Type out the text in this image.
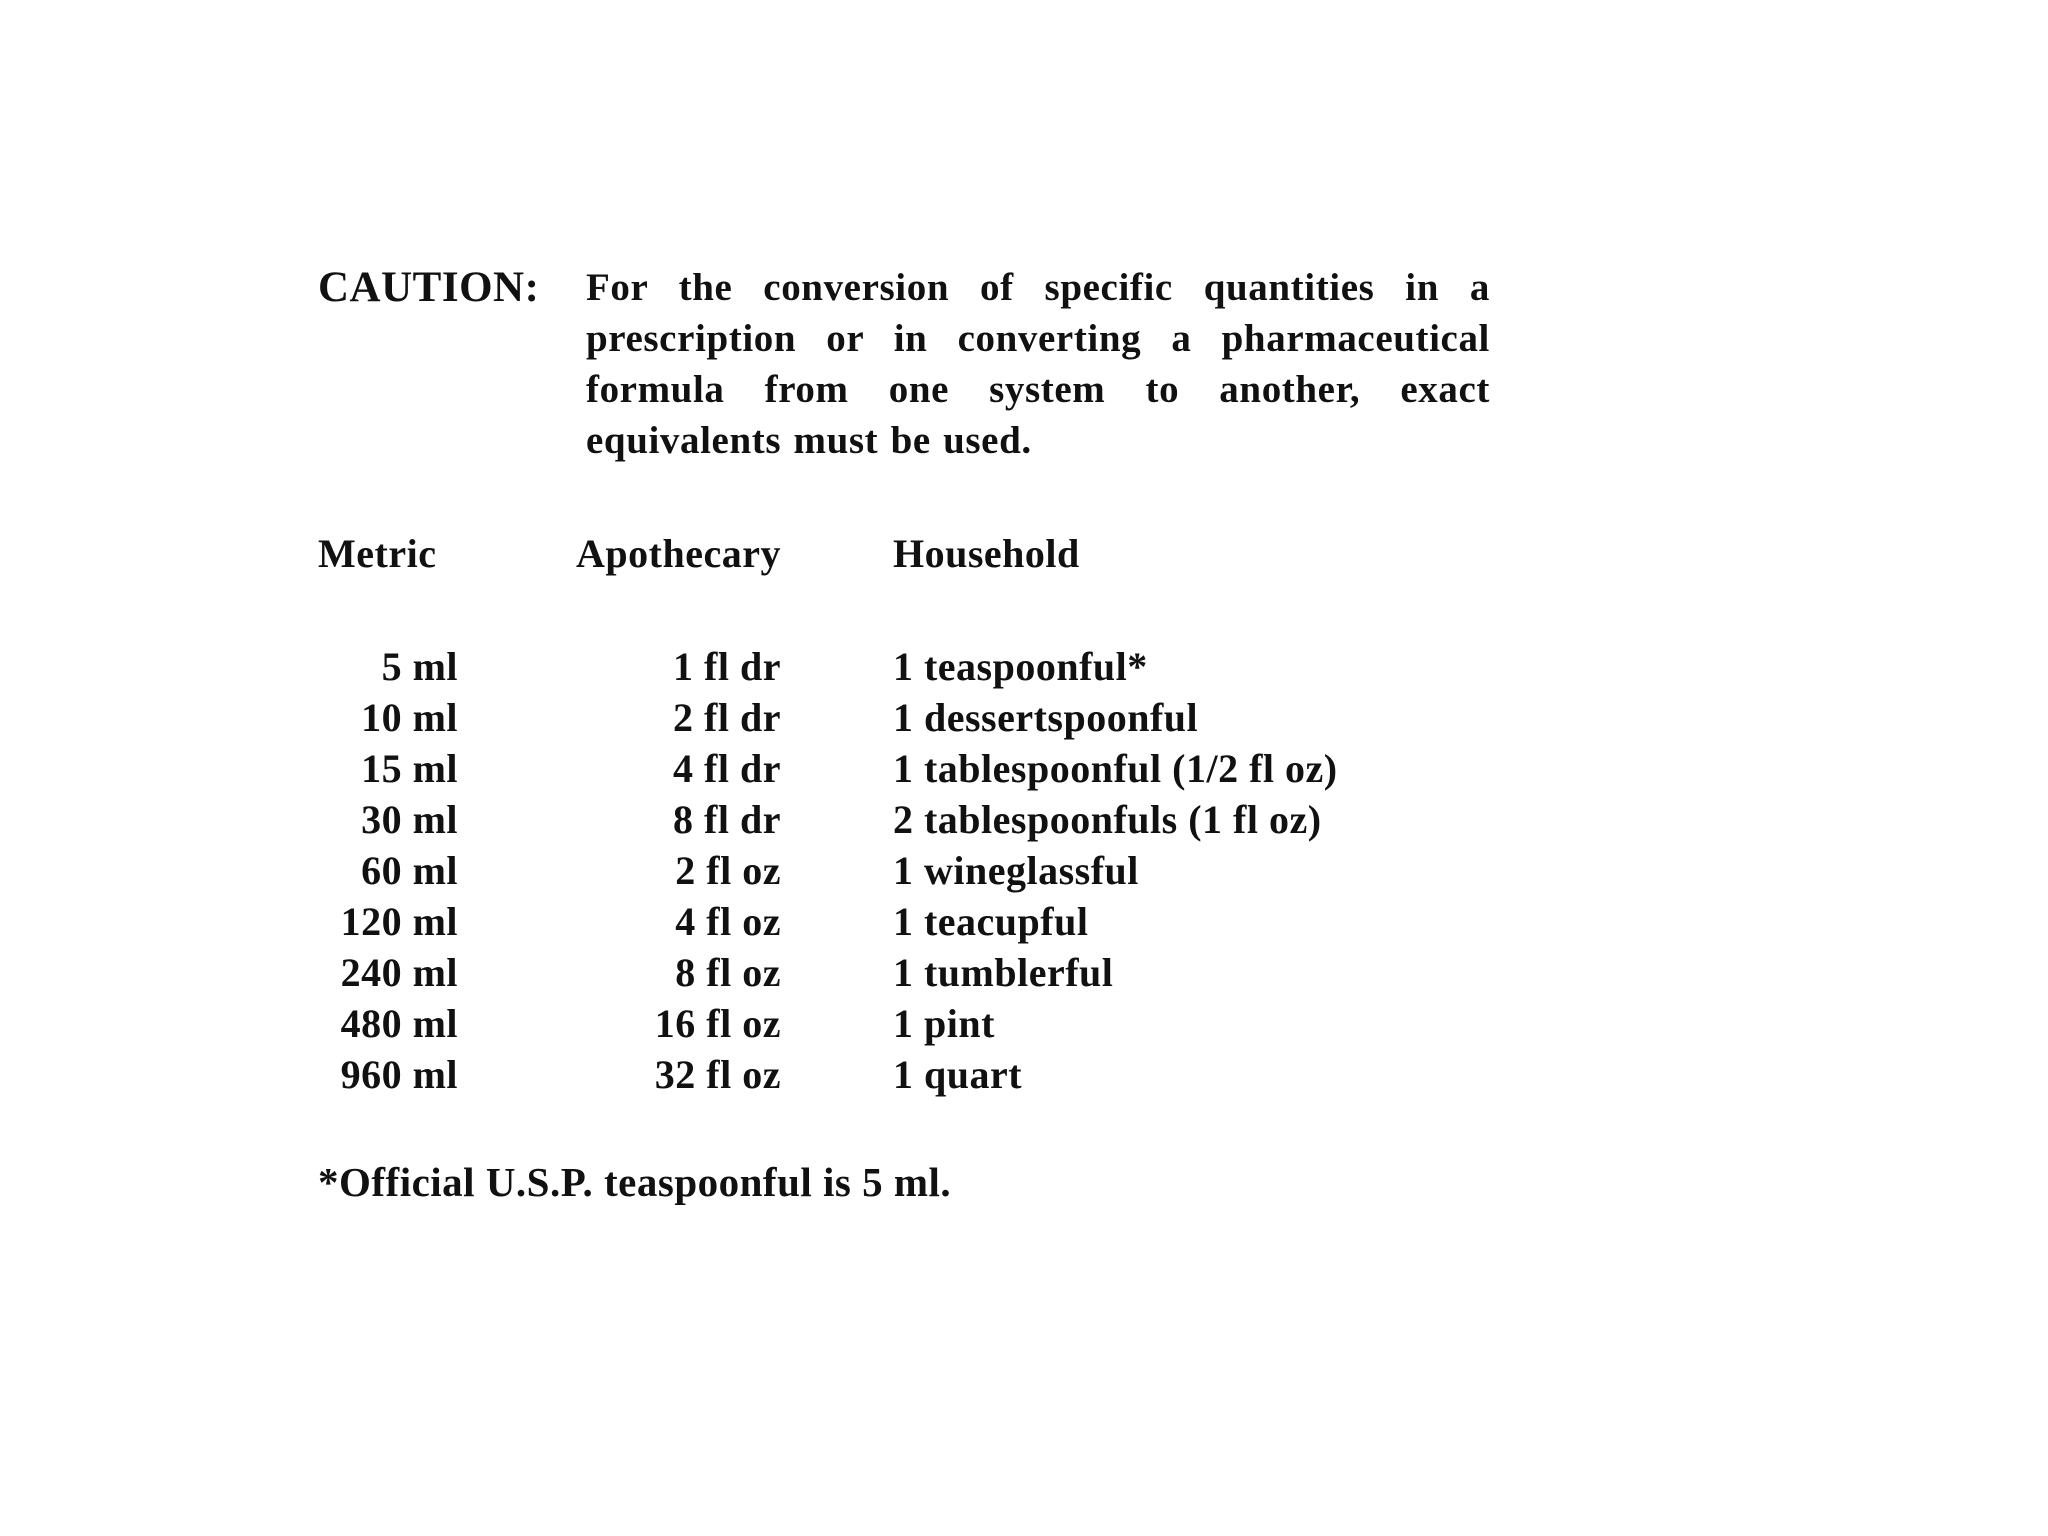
CAUTION:	For the conversion of specific quantities in a
prescription or in converting a pharmaceutical
formula from one system to another, exact
equivalents must be used.
Metric		Apothecary		Household

5 ml		1 fl dr		1 teaspoonful*
10 ml		2 fl dr		1 dessertspoonful
15 ml		4 fl dr		1 tablespoonful (1/2 fl oz)
30 ml		8 fl dr		2 tablespoonfuls (1 fl oz)
60 ml		2 fl oz		1 wineglassful
120 ml		4 fl oz		1 teacupful
240 ml		8 fl oz		1 tumblerful
480 ml		16 fl oz		1 pint
960 ml		32 fl oz		1 quart
*Official U.S.P. teaspoonful is 5 ml.
